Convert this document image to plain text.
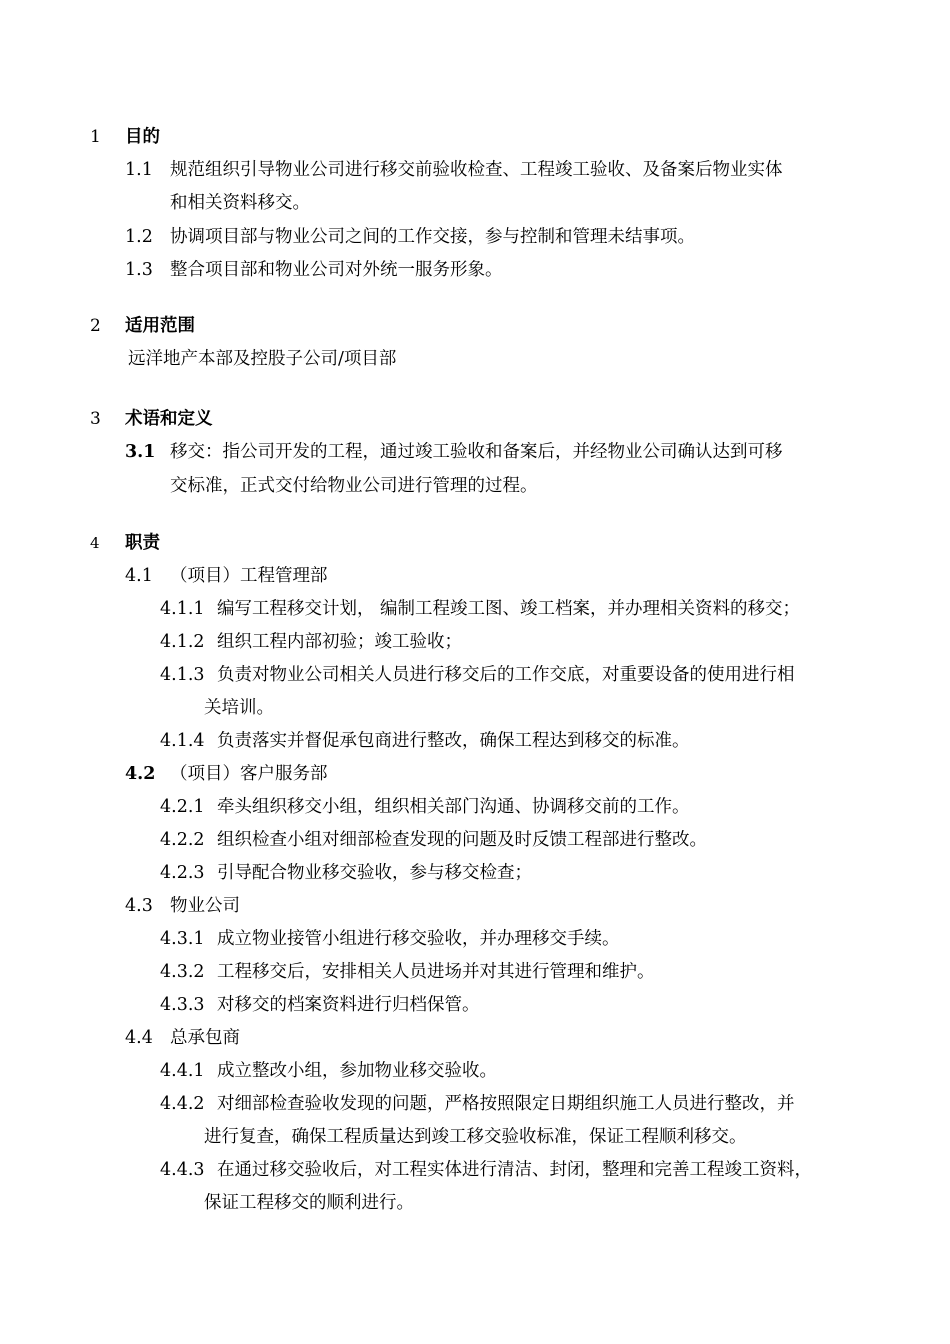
1 目的
1.1 规范组织引导物业公司进行移交前验收检查、工程竣工验收、及备案后物业实体
和相关资料移交。
1.2 协调项目部与物业公司之间的工作交接，参与控制和管理未结事项。
1.3 整合项目部和物业公司对外统一服务形象。
2 适用范围
远洋地产本部及控股子公司/项目部
3 术语和定义
3.1 移交：指公司开发的工程，通过竣工验收和备案后，并经物业公司确认达到可移
交标准，正式交付给物业公司进行管理的过程。
4 职责
4.1 （项目）工程管理部
4.1.1 编写工程移交计划， 编制工程竣工图、竣工档案，并办理相关资料的移交；
4.1.2 组织工程内部初验；竣工验收；
4.1.3 负责对物业公司相关人员进行移交后的工作交底，对重要设备的使用进行相
关培训。
4.1.4 负责落实并督促承包商进行整改，确保工程达到移交的标准。
4.2 （项目）客户服务部
4.2.1 牵头组织移交小组，组织相关部门沟通、协调移交前的工作。
4.2.2 组织检查小组对细部检查发现的问题及时反馈工程部进行整改。
4.2.3 引导配合物业移交验收，参与移交检查；
4.3 物业公司
4.3.1 成立物业接管小组进行移交验收，并办理移交手续。
4.3.2 工程移交后，安排相关人员进场并对其进行管理和维护。
4.3.3 对移交的档案资料进行归档保管。
4.4 总承包商
4.4.1 成立整改小组，参加物业移交验收。
4.4.2 对细部检查验收发现的问题，严格按照限定日期组织施工人员进行整改，并
进行复查，确保工程质量达到竣工移交验收标准，保证工程顺利移交。
4.4.3 在通过移交验收后，对工程实体进行清洁、封闭，整理和完善工程竣工资料，
保证工程移交的顺利进行。
